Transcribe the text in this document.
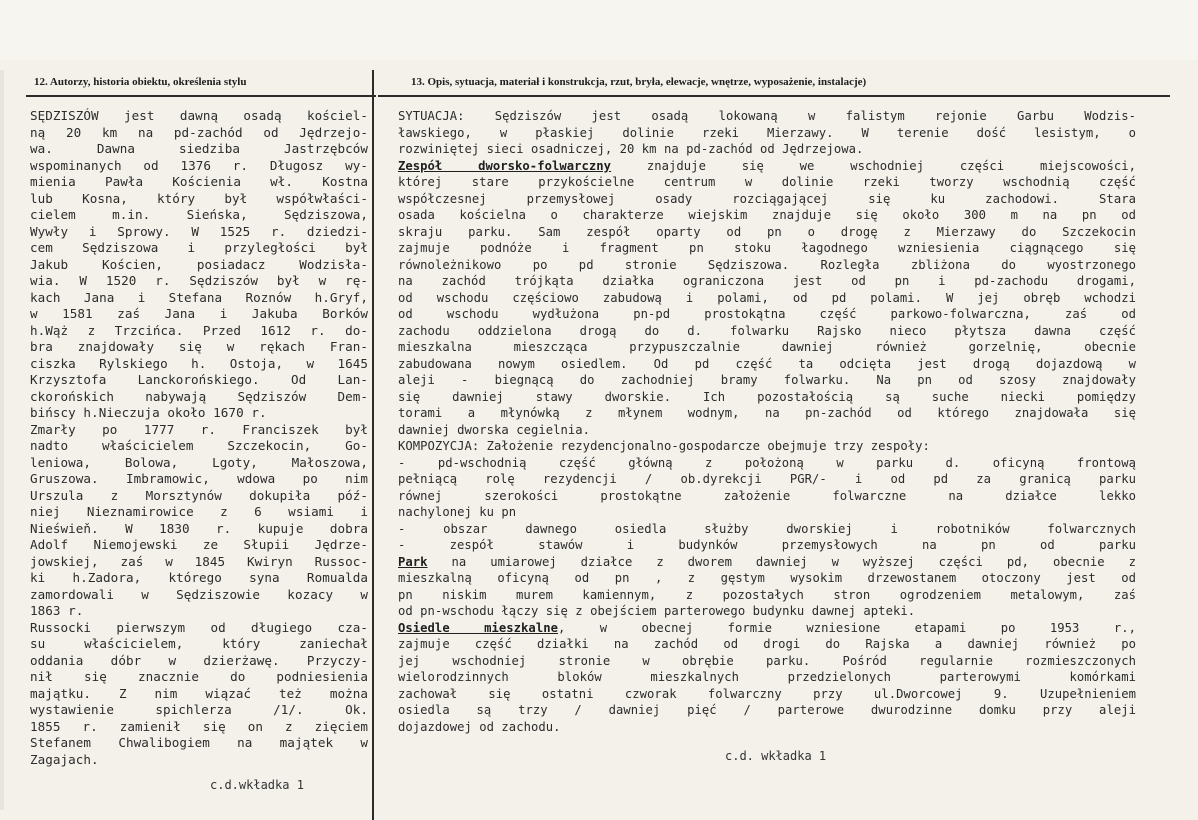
12. Autorzy, historia obiektu, określenia stylu	13. Opis, sytuacja, materiał i konstrukcja, rzut, bryła, elewacje, wnętrze, wyposażenie, instalacje)
SĘDZISZÓW jest dawną osadą kościel-
ną 20 km na pd-zachód od Jędrzejo-
wa. Dawna siedziba Jastrzębców
wspominanych od 1376 r. Długosz wy-
mienia Pawła Kościenia wł. Kostna
lub Kosna, który był współwłaści-
cielem m.in. Sieńska, Sędziszowa,
Wywły i Sprowy. W 1525 r. dziedzi-
cem Sędziszowa i przyległości był
Jakub Kościen, posiadacz Wodzisła-
wia. W 1520 r. Sędziszów był w rę-
kach Jana i Stefana Roznów h.Gryf,
w 1581 zaś Jana i Jakuba Borków
h.Wąż z Trzcińca. Przed 1612 r. do-
bra znajdowały się w rękach Fran-
ciszka Rylskiego h. Ostoja, w 1645
Krzysztofa Lanckorońskiego. Od Lan-
ckorońskich nabywają Sędziszów Dem-
bińscy h.Nieczuja około 1670 r.
Zmarły po 1777 r. Franciszek był
nadto właścicielem Szczekocin, Go-
leniowa, Bolowa, Lgoty, Małoszowa,
Gruszowa. Imbramowic, wdowa po nim
Urszula z Morsztynów dokupiła póź-
niej Nieznamirowice z 6 wsiami i
Nieświeň. W 1830 r. kupuje dobra
Adolf Niemojewski ze Słupii Jędrze-
jowskiej, zaś w 1845 Kwiryn Russoc-
ki h.Zadora, którego syna Romualda
zamordowali w Sędziszowie kozacy w
1863 r.
Russocki pierwszym od długiego cza-
su właścicielem, który zaniechał
oddania dóbr w dzierżawę. Przyczy-
nił się znacznie do podniesienia
majątku. Z nim wiązać też można
wystawienie spichlerza /1/. Ok.
1855 r. zamienił się on z zięciem
Stefanem Chwalibogiem na majątek w
Zagajach.
SYTUACJA: Sędziszów jest osadą lokowaną w falistym rejonie Garbu Wodzis-
ławskiego, w płaskiej dolinie rzeki Mierzawy. W terenie dość lesistym, o
rozwiniętej sieci osadniczej, 20 km na pd-zachód od Jędrzejowa.
Zespół dworsko-folwarczny znajduje się we wschodniej części miejscowości,
której stare przykościelne centrum w dolinie rzeki tworzy wschodnią część
współczesnej przemysłowej osady rozciągającej się ku zachodowi. Stara
osada kościelna o charakterze wiejskim znajduje się około 300 m na pn od
skraju parku. Sam zespół oparty od pn o drogę z Mierzawy do Szczekocin
zajmuje podnóże i fragment pn stoku łagodnego wzniesienia ciągnącego się
równoleżnikowo po pd stronie Sędziszowa. Rozległa zbliżona do wyostrzonego
na zachód trójkąta działka ograniczona jest od pn i pd-zachodu drogami,
od wschodu częściowo zabudową i polami, od pd polami. W jej obręb wchodzi
od wschodu wydłużona pn-pd prostokątna część parkowo-folwarczna, zaś od
zachodu oddzielona drogą do d. folwarku Rajsko nieco płytsza dawna część
mieszkalna mieszcząca przypuszczalnie dawniej również gorzelnię, obecnie
zabudowana nowym osiedlem. Od pd część ta odcięta jest drogą dojazdową w
aleji - biegnącą do zachodniej bramy folwarku. Na pn od szosy znajdowały
się dawniej stawy dworskie. Ich pozostałością są suche niecki pomiędzy
torami a młynówką z młynem wodnym, na pn-zachód od którego znajdowała się
dawniej dworska cegielnia.
KOMPOZYCJA: Założenie rezydencjonalno-gospodarcze obejmuje trzy zespoły:
- pd-wschodnią część główną z położoną w parku d. oficyną frontową
pełniącą rolę rezydencji / ob.dyrekcji PGR/- i od pd za granicą parku
równej szerokości prostokątne założenie folwarczne na działce lekko
nachylonej ku pn
- obszar dawnego osiedla służby dworskiej i robotników folwarcznych
- zespół stawów i budynków przemysłowych na pn od parku
Park na umiarowej działce z dworem dawniej w wyższej części pd, obecnie z
mieszkalną oficyną od pn , z gęstym wysokim drzewostanem otoczony jest od
pn niskim murem kamiennym, z pozostałych stron ogrodzeniem metalowym, zaś
od pn-wschodu łączy się z obejściem parterowego budynku dawnej apteki.
Osiedle mieszkalne, w obecnej formie wzniesione etapami po 1953 r.,
zajmuje część działki na zachód od drogi do Rajska a dawniej również po
jej wschodniej stronie w obrębie parku. Pośród regularnie rozmieszczonych
wielorodzinnych bloków mieszkalnych przedzielonych parterowymi komórkami
zachował się ostatni czworak folwarczny przy ul.Dworcowej 9. Uzupełnieniem
osiedla są trzy / dawniej pięć / parterowe dwurodzinne domku przy aleji
dojazdowej od zachodu.
c.d.wkładka 1
c.d. wkładka 1
